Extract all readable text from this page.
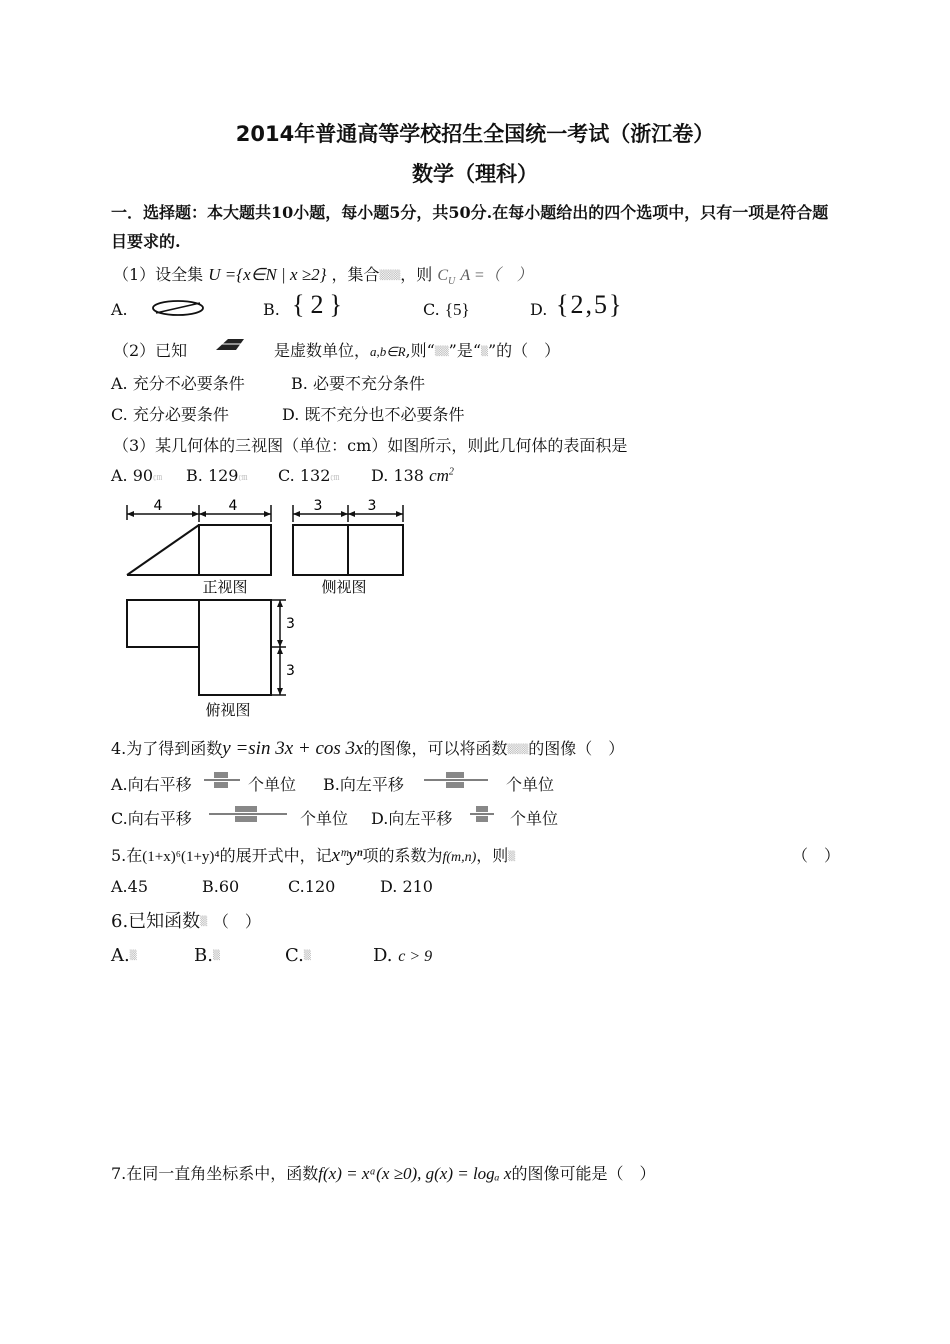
2014年普通高等学校招生全国统一考试（浙江卷）
数学（理科）
一．选择题：本大题共10小题，每小题5分，共50分.在每小题给出的四个选项中，只有一项是符合题
目要求的.
（1）设全集 U ={x∈N | x ≥2} ，集合▒▒▒，则 $C_U$ A =（　）
A.	B. {2}	C. {5}	D. {2,5}
（2）已知	是虚数单位，a,b∈R,则“▒▒”是“▒”的（　）
A. 充分不必要条件	B. 必要不充分条件
C. 充分必要条件	D. 既不充分也不必要条件
（3）某几何体的三视图（单位：cm）如图所示，则此几何体的表面积是
A. 90㎝ B. 129㎝ C. 132㎝ D. 138 $cm^2$
4	4	3	3
3
3
正视图	侧视图
俯视图
4.为了得到函数y =sin 3x + cos 3x的图像，可以将函数▒▒▒的图像（　）
A.向右平移	个单位 B.向左平移	个单位
C.向右平移	个单位 D.向左平移	个单位
5.在(1+x)⁶(1+y)⁴的展开式中，记xᵐyⁿ项的系数为f(m,n)，则▒	（　）
A.45	B.60	C.120	D. 210
6.已知函数▒ （　）
A.▒	B.▒	C.▒	D. c > 9
7.在同一直角坐标系中，函数f(x) = xᵃ(x ≥0), g(x) = logₐ x的图像可能是（　）
